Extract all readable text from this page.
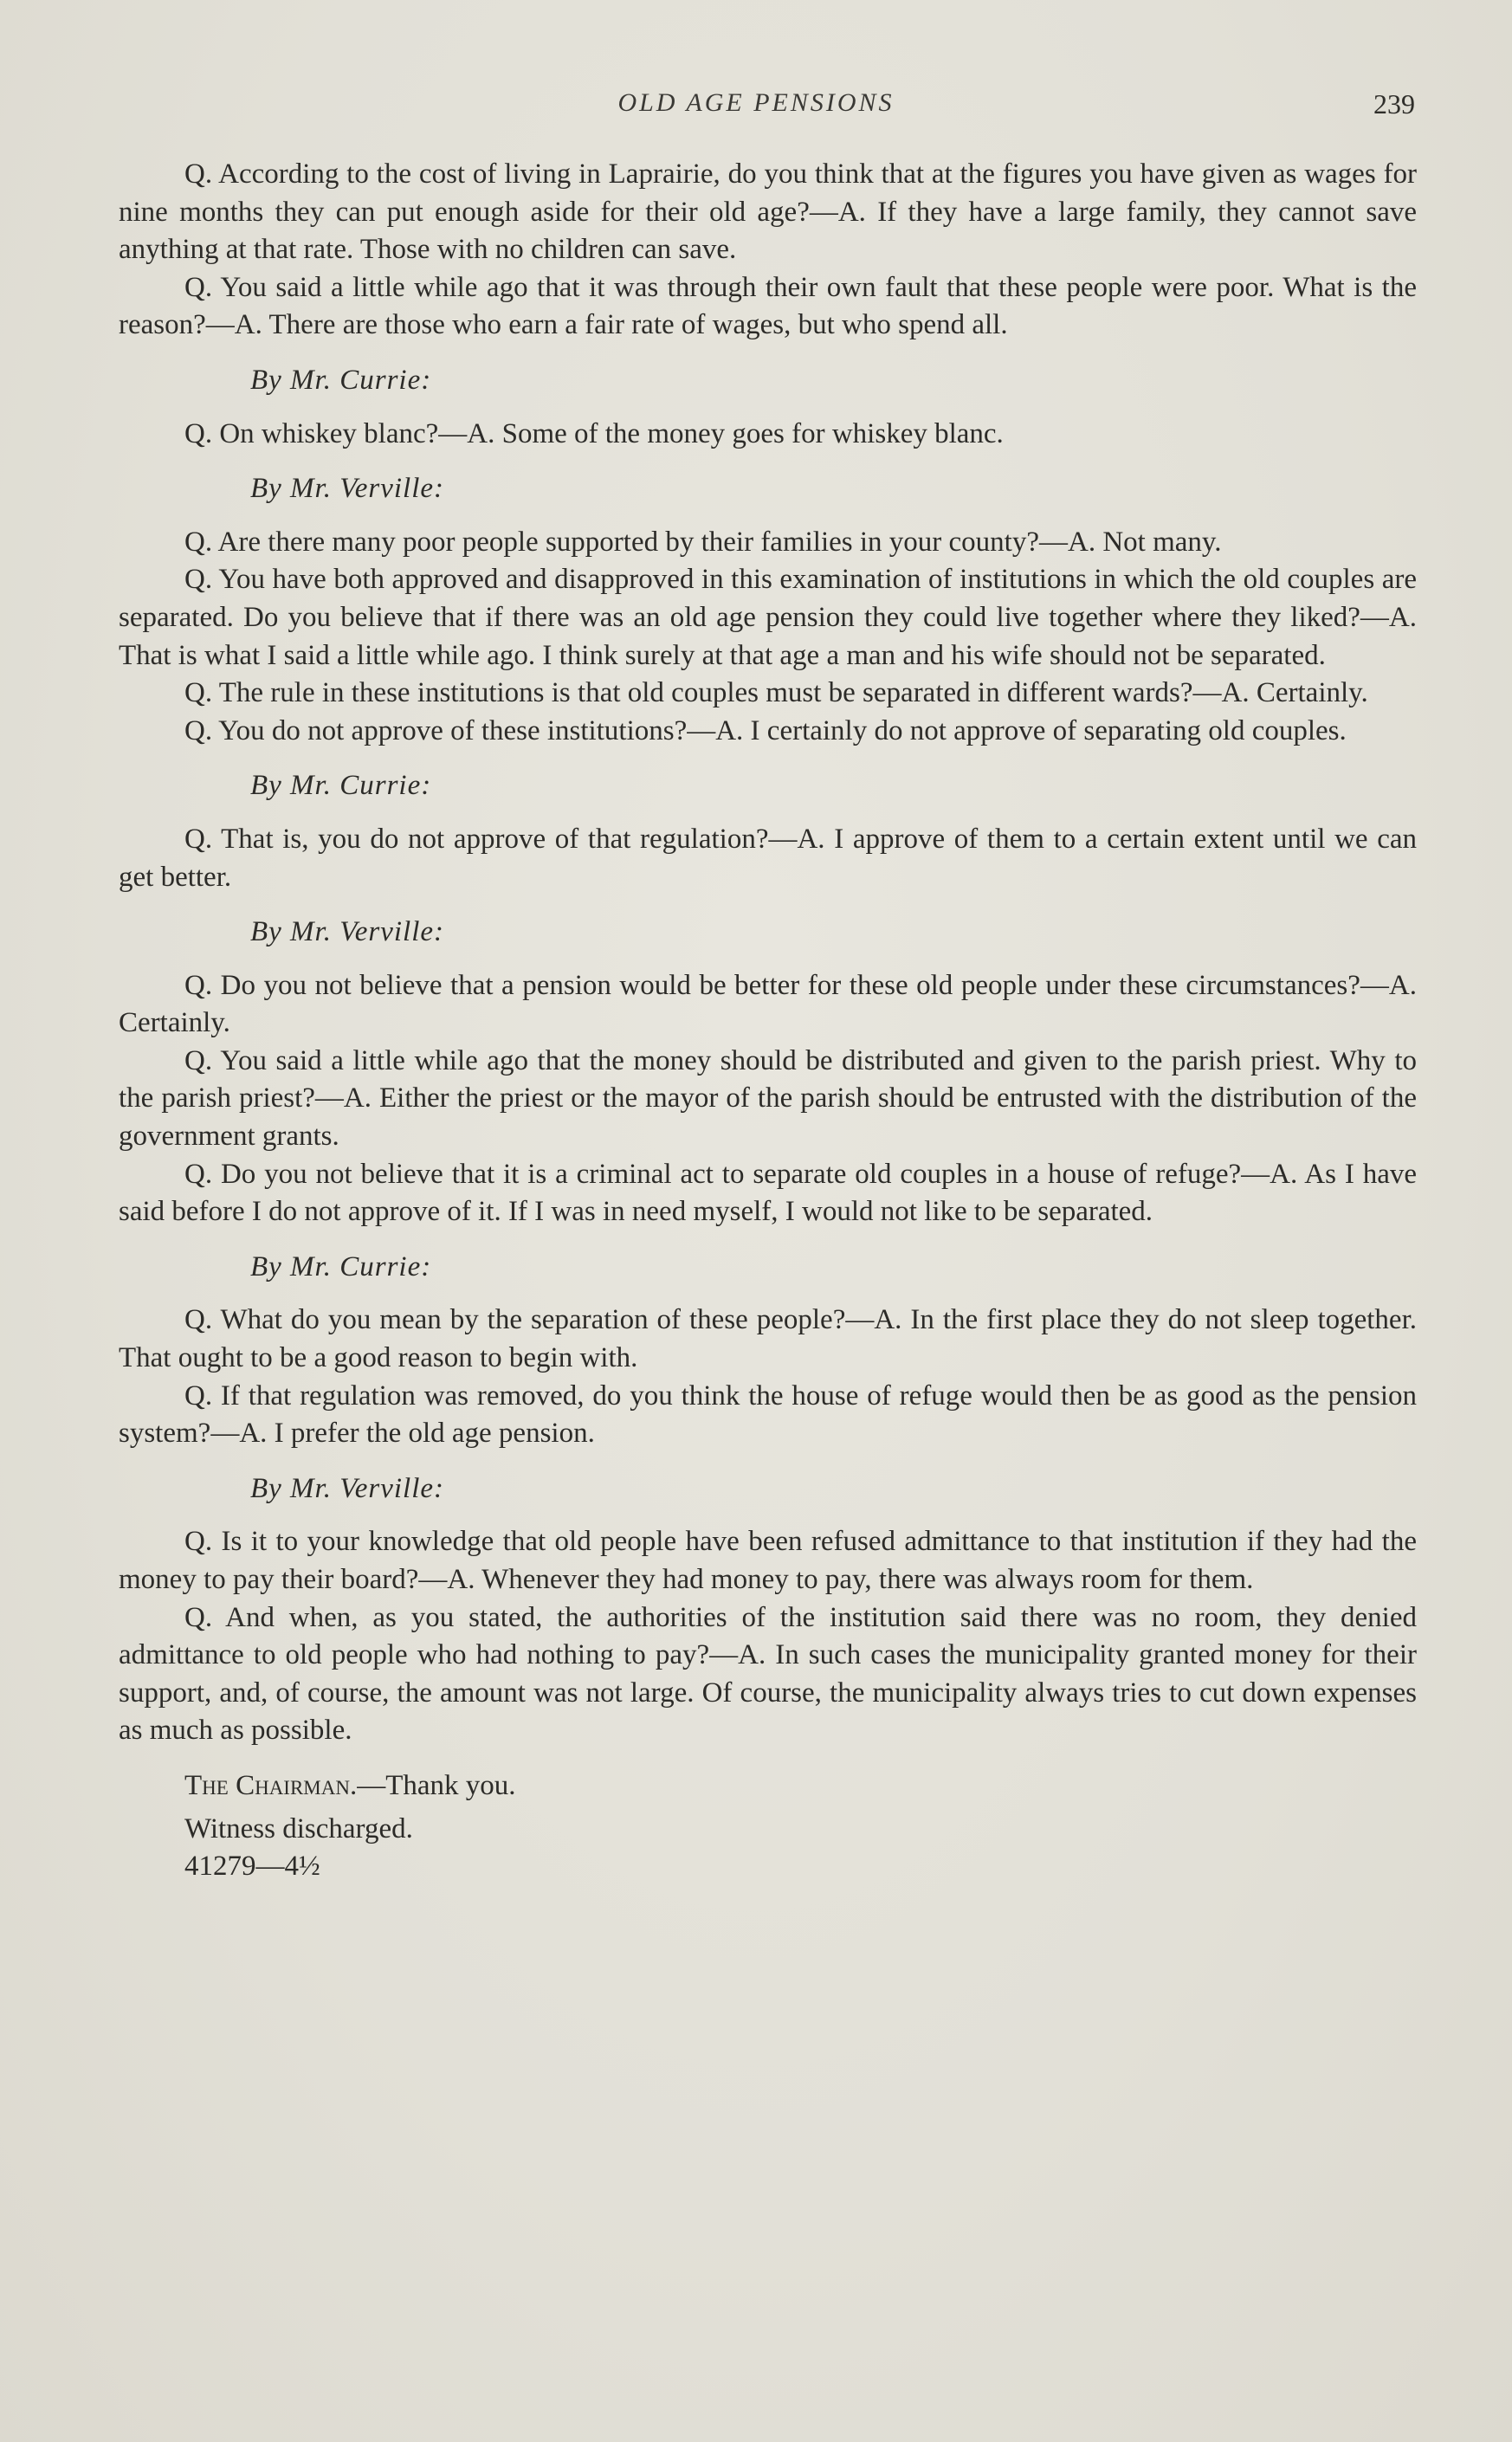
OLD AGE PENSIONS	239

Q. According to the cost of living in Laprairie, do you think that at the figures you have given as wages for nine months they can put enough aside for their old age?—A. If they have a large family, they cannot save anything at that rate. Those with no children can save.

Q. You said a little while ago that it was through their own fault that these people were poor. What is the reason?—A. There are those who earn a fair rate of wages, but who spend all.

By Mr. Currie:

Q. On whiskey blanc?—A. Some of the money goes for whiskey blanc.

By Mr. Verville:

Q. Are there many poor people supported by their families in your county?—A. Not many.

Q. You have both approved and disapproved in this examination of institutions in which the old couples are separated. Do you believe that if there was an old age pension they could live together where they liked?—A. That is what I said a little while ago. I think surely at that age a man and his wife should not be separated.

Q. The rule in these institutions is that old couples must be separated in different wards?—A. Certainly.

Q. You do not approve of these institutions?—A. I certainly do not approve of separating old couples.

By Mr. Currie:

Q. That is, you do not approve of that regulation?—A. I approve of them to a certain extent until we can get better.

By Mr. Verville:

Q. Do you not believe that a pension would be better for these old people under these circumstances?—A. Certainly.

Q. You said a little while ago that the money should be distributed and given to the parish priest. Why to the parish priest?—A. Either the priest or the mayor of the parish should be entrusted with the distribution of the government grants.

Q. Do you not believe that it is a criminal act to separate old couples in a house of refuge?—A. As I have said before I do not approve of it. If I was in need myself, I would not like to be separated.

By Mr. Currie:

Q. What do you mean by the separation of these people?—A. In the first place they do not sleep together. That ought to be a good reason to begin with.

Q. If that regulation was removed, do you think the house of refuge would then be as good as the pension system?—A. I prefer the old age pension.

By Mr. Verville:

Q. Is it to your knowledge that old people have been refused admittance to that institution if they had the money to pay their board?—A. Whenever they had money to pay, there was always room for them.

Q. And when, as you stated, the authorities of the institution said there was no room, they denied admittance to old people who had nothing to pay?—A. In such cases the municipality granted money for their support, and, of course, the amount was not large. Of course, the municipality always tries to cut down expenses as much as possible.

The Chairman.—Thank you.

Witness discharged.

41279—4½
